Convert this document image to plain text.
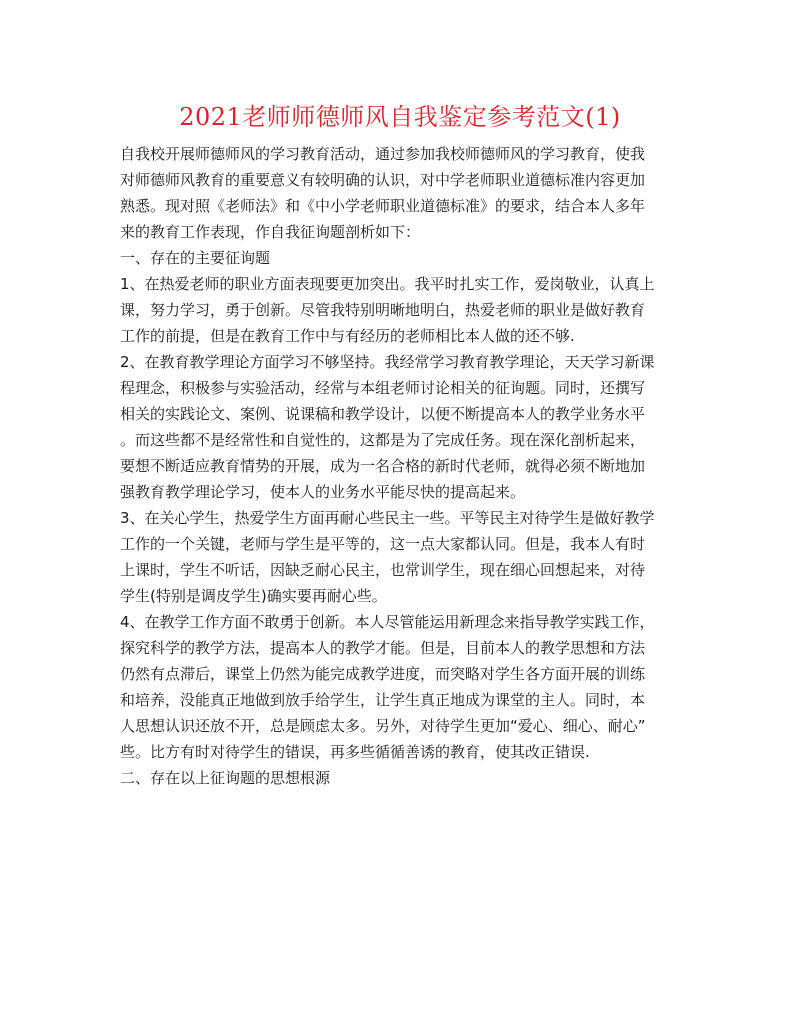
2021老师师德师风自我鉴定参考范文(1)
自我校开展师德师风的学习教育活动，通过参加我校师德师风的学习教育，使我
对师德师风教育的重要意义有较明确的认识，对中学老师职业道德标准内容更加
熟悉。现对照《老师法》和《中小学老师职业道德标准》的要求，结合本人多年
来的教育工作表现，作自我征询题剖析如下：
一、存在的主要征询题
1、在热爱老师的职业方面表现要更加突出。我平时扎实工作，爱岗敬业，认真上
课，努力学习，勇于创新。尽管我特别明晰地明白，热爱老师的职业是做好教育
工作的前提，但是在教育工作中与有经历的老师相比本人做的还不够.
2、在教育教学理论方面学习不够坚持。我经常学习教育教学理论，天天学习新课
程理念，积极参与实验活动，经常与本组老师讨论相关的征询题。同时，还撰写
相关的实践论文、案例、说课稿和教学设计，以便不断提高本人的教学业务水平
。而这些都不是经常性和自觉性的，这都是为了完成任务。现在深化剖析起来，
要想不断适应教育情势的开展，成为一名合格的新时代老师，就得必须不断地加
强教育教学理论学习，使本人的业务水平能尽快的提高起来。
3、在关心学生，热爱学生方面再耐心些民主一些。平等民主对待学生是做好教学
工作的一个关键，老师与学生是平等的，这一点大家都认同。但是，我本人有时
上课时，学生不听话，因缺乏耐心民主，也常训学生，现在细心回想起来，对待
学生(特别是调皮学生)确实要再耐心些。
4、在教学工作方面不敢勇于创新。本人尽管能运用新理念来指导教学实践工作，
探究科学的教学方法，提高本人的教学才能。但是，目前本人的教学思想和方法
仍然有点滞后，课堂上仍然为能完成教学进度，而突略对学生各方面开展的训练
和培养，没能真正地做到放手给学生，让学生真正地成为课堂的主人。同时，本
人思想认识还放不开，总是顾虑太多。另外，对待学生更加“爱心、细心、耐心”
些。比方有时对待学生的错误，再多些循循善诱的教育，使其改正错误.
二、存在以上征询题的思想根源
